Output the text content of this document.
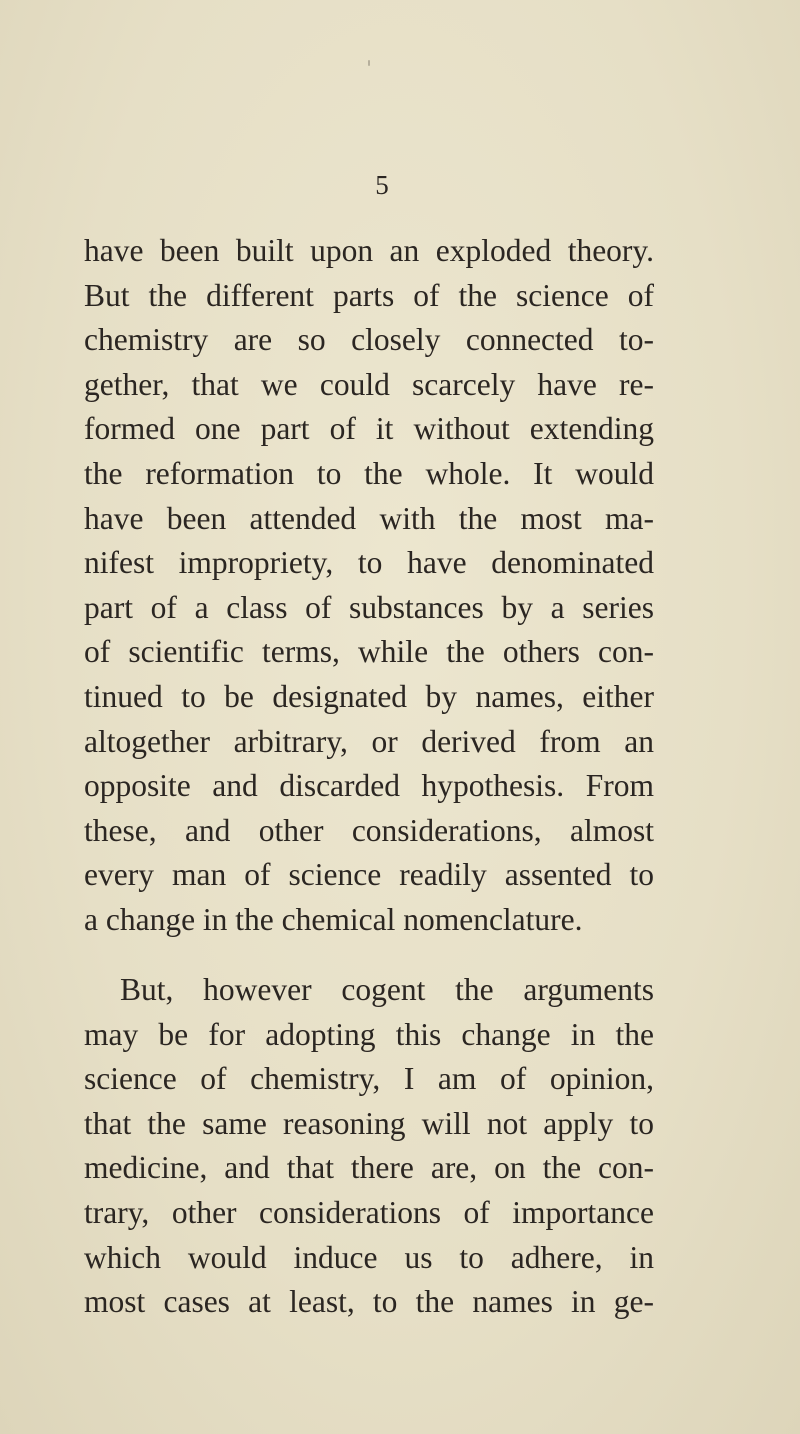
5
have been built upon an exploded theory.
But the different parts of the science of
chemistry are so closely connected to-
gether, that we could scarcely have re-
formed one part of it without extending
the reformation to the whole. It would
have been attended with the most ma-
nifest impropriety, to have denominated
part of a class of substances by a series
of scientific terms, while the others con-
tinued to be designated by names, either
altogether arbitrary, or derived from an
opposite and discarded hypothesis. From
these, and other considerations, almost
every man of science readily assented to
a change in the chemical nomenclature.
But, however cogent the arguments
may be for adopting this change in the
science of chemistry, I am of opinion,
that the same reasoning will not apply to
medicine, and that there are, on the con-
trary, other considerations of importance
which would induce us to adhere, in
most cases at least, to the names in ge-
